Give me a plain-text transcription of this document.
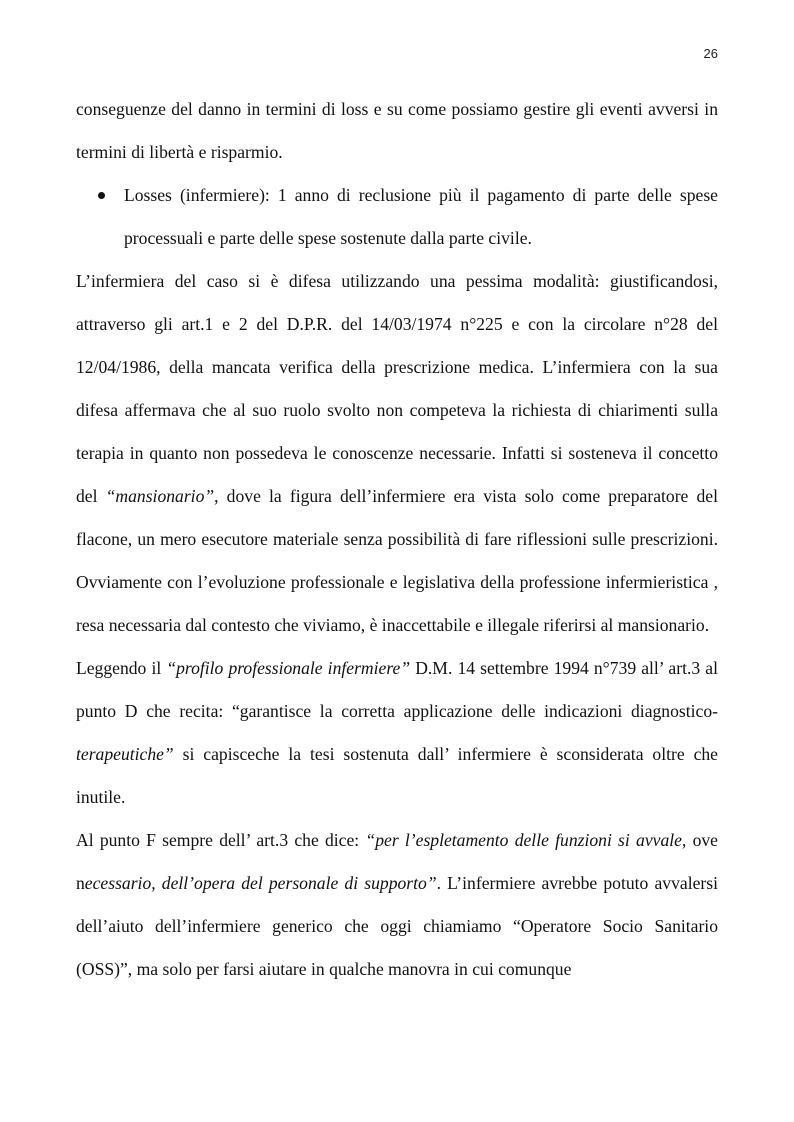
26

conseguenze del danno in termini di loss e su come possiamo gestire gli eventi avversi in termini di libertà e risparmio.

Losses (infermiere): 1 anno di reclusione più il pagamento di parte delle spese processuali e parte delle spese sostenute dalla parte civile.

L’infermiera del caso si è difesa utilizzando una pessima modalità: giustificandosi, attraverso gli art.1 e 2 del D.P.R. del 14/03/1974 n°225 e con la circolare n°28 del 12/04/1986, della mancata verifica della prescrizione medica. L’infermiera con la sua difesa affermava che al suo ruolo svolto non competeva la richiesta di chiarimenti sulla terapia in quanto non possedeva le conoscenze necessarie. Infatti si sosteneva il concetto del “mansionario”, dove la figura dell’infermiere era vista solo come preparatore del flacone, un mero esecutore materiale senza possibilità di fare riflessioni sulle prescrizioni. Ovviamente con l’evoluzione professionale e legislativa della professione infermieristica , resa necessaria dal contesto che viviamo, è inaccettabile e illegale riferirsi al mansionario.

Leggendo il “profilo professionale infermiere” D.M. 14 settembre 1994 n°739 all’ art.3 al punto D che recita: “garantisce la corretta applicazione delle indicazioni diagnostico-terapeutiche” si capisceche la tesi sostenuta dall’ infermiere è sconsiderata oltre che inutile.

Al punto F sempre dell’ art.3 che dice: “per l’espletamento delle funzioni si avvale, ove necessario, dell’opera del personale di supporto”. L’infermiere avrebbe potuto avvalersi dell’aiuto dell’infermiere generico che oggi chiamiamo “Operatore Socio Sanitario (OSS)”, ma solo per farsi aiutare in qualche manovra in cui comunque
